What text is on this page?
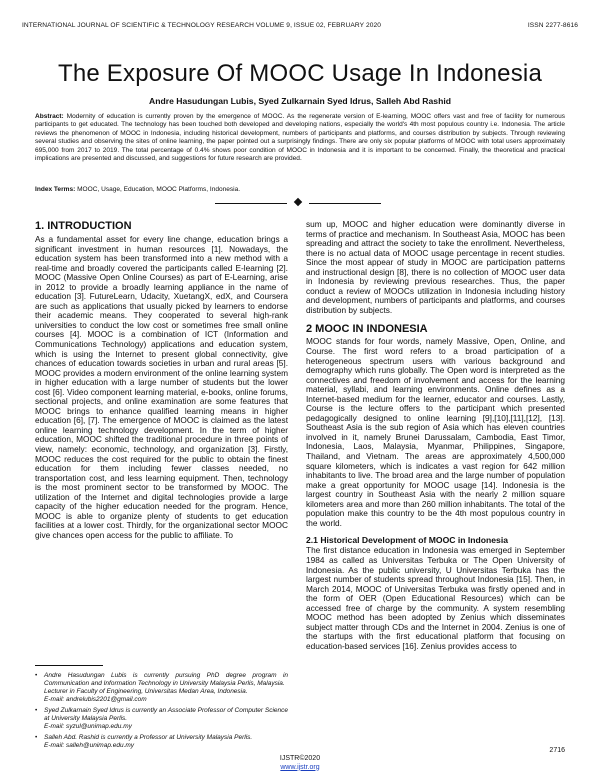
INTERNATIONAL JOURNAL OF SCIENTIFIC & TECHNOLOGY RESEARCH VOLUME 9, ISSUE 02, FEBRUARY 2020	ISSN 2277-8616
The Exposure Of MOOC Usage In Indonesia
Andre Hasudungan Lubis, Syed Zulkarnain Syed Idrus, Salleh Abd Rashid

Abstract: Modernity of education is currently proven by the emergence of MOOC. As the regenerate version of E-learning, MOOC offers vast and free of facility for numerous participants to get educated. The technology has been touched both developed and developing nations, especially the world's 4th most populous country i.e. Indonesia. The article reviews the phenomenon of MOOC in Indonesia, including historical development, numbers of participants and platforms, and courses distribution by subjects. Through reviewing several studies and observing the sites of online learning, the paper pointed out a surprisingly findings. There are only six popular platforms of MOOC with total users approximately 695,000 from 2017 to 2019. The total percentage of 0.4% shows poor condition of MOOC in Indonesia and it is important to be concerned. Finally, the theoretical and practical implications are presented and discussed, and suggestions for future research are provided.

Index Terms: MOOC, Usage, Education, MOOC Platforms, Indonesia.

1. INTRODUCTION

As a fundamental asset for every line change, education brings a significant investment in human resources [1]. Nowadays, the education system has been transformed into a new method with a real-time and broadly covered the participants called E-learning [2]. MOOC (Massive Open Online Courses) as part of E-Learning, arise in 2012 to provide a broadly learning appliance in the name of education [3]. FutureLearn, Udacity, XuetangX, edX, and Coursera are such as applications that usually picked by learners to endorse their academic means. They cooperated to several high-rank universities to conduct the low cost or sometimes free small online courses [4]. MOOC is a combination of ICT (Information and Communications Technology) applications and education system, which is using the Internet to present global connectivity, give chances of education towards societies in urban and rural areas [5]. MOOC provides a modern environment of the online learning system in higher education with a large number of students but the lower cost [6]. Video component learning material, e-books, online forums, sectional projects, and online examination are some features that MOOC brings to enhance qualified learning means in higher education [6], [7]. The emergence of MOOC is claimed as the latest online learning technology development. In the term of higher education, MOOC shifted the traditional procedure in three points of view, namely: economic, technology, and organization [3]. Firstly, MOOC reduces the cost required for the public to obtain the finest education for them including fewer classes needed, no transportation cost, and less learning equipment. Then, technology is the most prominent sector to be transformed by MOOC. The utilization of the Internet and digital technologies provide a large capacity of the higher education needed for the program. Hence, MOOC is able to organize plenty of students to get education facilities at a lower cost. Thirdly, for the organizational sector MOOC give chances open access for the public to affiliate. To

sum up, MOOC and higher education were dominantly diverse in terms of practice and mechanism. In Southeast Asia, MOOC has been spreading and attract the society to take the enrollment. Nevertheless, there is no actual data of MOOC usage percentage in recent studies. Since the most appear of study in MOOC are participation patterns and instructional design [8], there is no collection of MOOC user data in Indonesia by reviewing previous researches. Thus, the paper conduct a review of MOOCs utilization in Indonesia including history and development, numbers of participants and platforms, and courses distribution by subjects.

2 MOOC IN INDONESIA

MOOC stands for four words, namely Massive, Open, Online, and Course. The first word refers to a broad participation of a heterogeneous spectrum users with various background and demography which runs globally. The Open word is interpreted as the connectives and freedom of involvement and access for the learning material, syllabi, and learning environments. Online defines as a Internet-based medium for the learner, educator and courses. Lastly, Course is the lecture offers to the participant which presented pedagogically designed to online learning [9],[10],[11],[12], [13]. Southeast Asia is the sub region of Asia which has eleven countries involved in it, namely Brunei Darussalam, Cambodia, East Timor, Indonesia, Laos, Malaysia, Myanmar, Philippines, Singapore, Thailand, and Vietnam. The areas are approximately 4,500,000 square kilometers, which is indicates a vast region for 642 million inhabitants to live. The broad area and the large number of population make a great opportunity for MOOC usage [14]. Indonesia is the largest country in Southeast Asia with the nearly 2 million square kilometers area and more than 260 million inhabitants. The total of the population make this country to be the 4th most populous country in the world.

2.1 Historical Development of MOOC in Indonesia

The first distance education in Indonesia was emerged in September 1984 as called as Universitas Terbuka or The Open University of Indonesia. As the public university, U Universitas Terbuka has the largest number of students spread throughout Indonesia [15]. Then, in March 2014, MOOC of Universitas Terbuka was firstly opened and in the form of OER (Open Educational Resources) which can be accessed free of charge by the community. A system resembling MOOC method has been adopted by Zenius which disseminates subject matter through CDs and the Internet in 2004. Zenius is one of the startups with the first educational platform that focusing on education-based services [16]. Zenius provides access to

• Andre Hasudungan Lubis is currently pursuing PhD degree program in Communication and Information Technology in University Malaysia Perlis, Malaysia.
Lecturer in Faculty of Engineering, Universitas Medan Area, Indonesia.
E-mail: andrelubis2201@gmail.com
• Syed Zulkarnain Syed Idrus is currently an Associate Professor of Computer Science at University Malaysia Perlis.
E-mail: syzul@unimap.edu.my
• Salleh Abd. Rashid is currently a Professor at University Malaysia Perlis.
E-mail: salleh@unimap.edu.my
2716
IJSTR©2020
www.ijstr.org
